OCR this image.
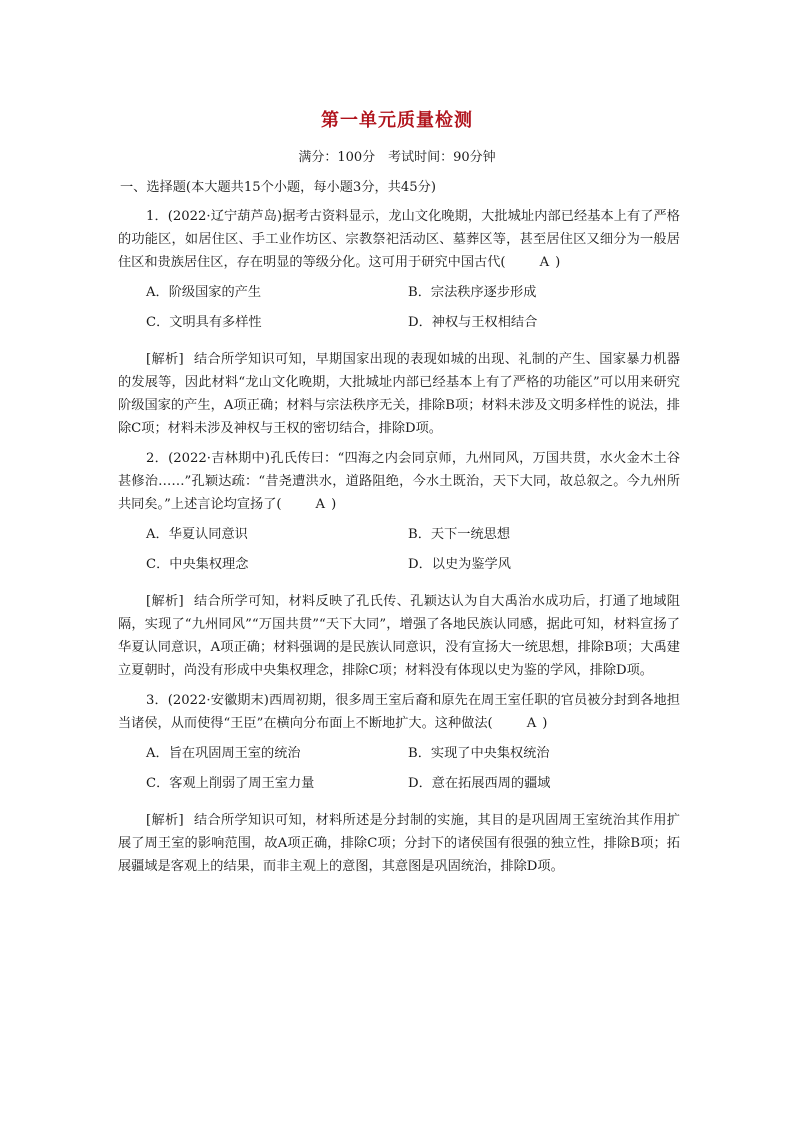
第一单元质量检测
满分：100分　考试时间：90分钟
一、选择题(本大题共15个小题，每小题3分，共45分)

1．(2022·辽宁葫芦岛)据考古资料显示，龙山文化晚期，大批城址内部已经基本上有了严格的功能区，如居住区、手工业作坊区、宗教祭祀活动区、墓葬区等，甚至居住区又细分为一般居住区和贵族居住区，存在明显的等级分化。这可用于研究中国古代(	A )

A．阶级国家的产生	B．宗法秩序逐步形成
C．文明具有多样性	D．神权与王权相结合

[解析] 结合所学知识可知，早期国家出现的表现如城的出现、礼制的产生、国家暴力机器的发展等，因此材料“龙山文化晚期，大批城址内部已经基本上有了严格的功能区”可以用来研究阶级国家的产生，A项正确；材料与宗法秩序无关，排除B项；材料未涉及文明多样性的说法，排除C项；材料未涉及神权与王权的密切结合，排除D项。

2．(2022·吉林期中)孔氏传曰：“四海之内会同京师，九州同风，万国共贯，水火金木土谷甚修治……”孔颖达疏：“昔尧遭洪水，道路阻绝，今水土既治，天下大同，故总叙之。今九州所共同矣。”上述言论均宣扬了(	A )

A．华夏认同意识	B．天下一统思想
C．中央集权理念	D．以史为鉴学风

[解析] 结合所学可知，材料反映了孔氏传、孔颖达认为自大禹治水成功后，打通了地域阻隔，实现了“九州同风”“万国共贯”“天下大同”，增强了各地民族认同感，据此可知，材料宣扬了华夏认同意识，A项正确；材料强调的是民族认同意识，没有宣扬大一统思想，排除B项；大禹建立夏朝时，尚没有形成中央集权理念，排除C项；材料没有体现以史为鉴的学风，排除D项。

3．(2022·安徽期末)西周初期，很多周王室后裔和原先在周王室任职的官员被分封到各地担当诸侯，从而使得“王臣”在横向分布面上不断地扩大。这种做法(	A )

A．旨在巩固周王室的统治	B．实现了中央集权统治
C．客观上削弱了周王室力量	D．意在拓展西周的疆域

[解析] 结合所学知识可知，材料所述是分封制的实施，其目的是巩固周王室统治其作用扩展了周王室的影响范围，故A项正确，排除C项；分封下的诸侯国有很强的独立性，排除B项；拓展疆域是客观上的结果，而非主观上的意图，其意图是巩固统治，排除D项。
